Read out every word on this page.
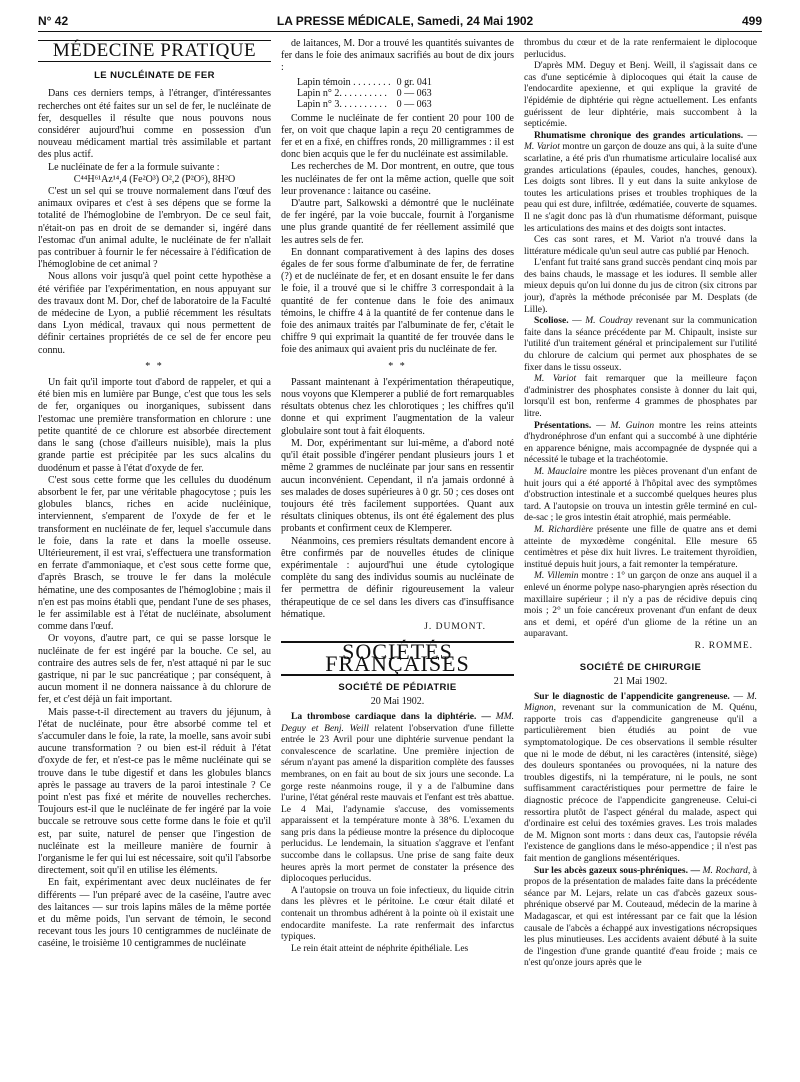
N° 42	LA PRESSE MÉDICALE, Samedi, 24 Mai 1902	499
MÉDECINE PRATIQUE
LE NUCLÉINATE DE FER

Dans ces derniers temps, à l'étranger, d'intéressantes recherches ont été faites sur un sel de fer, le nucléinate de fer, desquelles il résulte que nous pouvons nous considérer aujourd'hui comme en possession d'un nouveau médicament martial très assimilable et partant des plus actif.

Le nucléinate de fer a la formule suivante :

C⁴⁴H⁶¹Az¹⁴,4 (Fe²O³) O²,2 (P²O⁵), 8H²O

C'est un sel qui se trouve normalement dans l'œuf des animaux ovipares et c'est à ses dépens que se forme la totalité de l'hémoglobine de l'embryon. De ce seul fait, n'était-on pas en droit de se demander si, ingéré dans l'estomac d'un animal adulte, le nucléinate de fer n'allait pas contribuer à fournir le fer nécessaire à l'édification de l'hémoglobine de cet animal ?

Nous allons voir jusqu'à quel point cette hypothèse a été vérifiée par l'expérimentation, en nous appuyant sur des travaux dont M. Dor, chef de laboratoire de la Faculté de médecine de Lyon, a publié récemment les résultats dans Lyon médical, travaux qui nous permettent de définir certaines propriétés de ce sel de fer encore peu connu.

* *

Un fait qu'il importe tout d'abord de rappeler, et qui a été bien mis en lumière par Bunge, c'est que tous les sels de fer, organiques ou inorganiques, subissent dans l'estomac une première transformation en chlorure : une petite quantité de ce chlorure est absorbée directement dans le sang (chose d'ailleurs nuisible), mais la plus grande partie est précipitée par les sucs alcalins du duodénum et passe à l'état d'oxyde de fer.

C'est sous cette forme que les cellules du duodénum absorbent le fer, par une véritable phagocytose ; puis les globules blancs, riches en acide nucléinique, interviennent, s'emparent de l'oxyde de fer et le transforment en nucléinate de fer, lequel s'accumule dans le foie, dans la rate et dans la moelle osseuse. Ultérieurement, il est vrai, s'effectuera une transformation en ferrate d'ammoniaque, et c'est sous cette forme que, d'après Brasch, se trouve le fer dans la molécule hématine, une des composantes de l'hémoglobine ; mais il n'en est pas moins établi que, pendant l'une de ses phases, le fer assimilable est à l'état de nucléinate, absolument comme dans l'œuf.

Or voyons, d'autre part, ce qui se passe lorsque le nucléinate de fer est ingéré par la bouche. Ce sel, au contraire des autres sels de fer, n'est attaqué ni par le suc gastrique, ni par le suc pancréatique ; par conséquent, à aucun moment il ne donnera naissance à du chlorure de fer, et c'est déjà un fait important.

Mais passe-t-il directement au travers du jéjunum, à l'état de nucléinate, pour être absorbé comme tel et s'accumuler dans le foie, la rate, la moelle, sans avoir subi aucune transformation ? ou bien est-il réduit à l'état d'oxyde de fer, et n'est-ce pas le même nucléinate qui se trouve dans le tube digestif et dans les globules blancs après le passage au travers de la paroi intestinale ? Ce point n'est pas fixé et mérite de nouvelles recherches. Toujours est-il que le nucléinate de fer ingéré par la voie buccale se retrouve sous cette forme dans le foie et qu'il est, par suite, naturel de penser que l'ingestion de nucléinate est la meilleure manière de fournir à l'organisme le fer qui lui est nécessaire, soit qu'il l'absorbe directement, soit qu'il en utilise les éléments.

En fait, expérimentant avec deux nucléinates de fer différents — l'un préparé avec de la caséine, l'autre avec des laitances — sur trois lapins mâles de la même portée et du même poids, l'un servant de témoin, le second recevant tous les jours 10 centigrammes de nucléinate de caséine, le troisième 10 centigrammes de nucléinate

de laitances, M. Dor a trouvé les quantités suivantes de fer dans le foie des animaux sacrifiés au bout de dix jours :

Lapin témoin . . . . . . . .	0 gr. 041
Lapin n° 2. . . . . . . . . .	0 — 063
Lapin n° 3. . . . . . . . . .	0 — 063

Comme le nucléinate de fer contient 20 pour 100 de fer, on voit que chaque lapin a reçu 20 centigrammes de fer et en a fixé, en chiffres ronds, 20 milligrammes : il est donc bien acquis que le fer du nucléinate est assimilable.

Les recherches de M. Dor montrent, en outre, que tous les nucléinates de fer ont la même action, quelle que soit leur provenance : laitance ou caséine.

D'autre part, Salkowski a démontré que le nucléinate de fer ingéré, par la voie buccale, fournit à l'organisme une plus grande quantité de fer réellement assimilé que les autres sels de fer.

En donnant comparativement à des lapins des doses égales de fer sous forme d'albuminate de fer, de ferratine (?) et de nucléinate de fer, et en dosant ensuite le fer dans le foie, il a trouvé que si le chiffre 3 correspondait à la quantité de fer contenue dans le foie des animaux témoins, le chiffre 4 à la quantité de fer contenue dans le foie des animaux traités par l'albuminate de fer, c'était le chiffre 9 qui exprimait la quantité de fer trouvée dans le foie des animaux qui avaient pris du nucléinate de fer.

* *

Passant maintenant à l'expérimentation thérapeutique, nous voyons que Klemperer a publié de fort remarquables résultats obtenus chez les chlorotiques ; les chiffres qu'il donne et qui expriment l'augmentation de la valeur globulaire sont tout à fait éloquents.

M. Dor, expérimentant sur lui-même, a d'abord noté qu'il était possible d'ingérer pendant plusieurs jours 1 et même 2 grammes de nucléinate par jour sans en ressentir aucun inconvénient. Cependant, il n'a jamais ordonné à ses malades de doses supérieures à 0 gr. 50 ; ces doses ont toujours été très facilement supportées. Quant aux résultats cliniques obtenus, ils ont été également des plus probants et confirment ceux de Klemperer.

Néanmoins, ces premiers résultats demandent encore à être confirmés par de nouvelles études de clinique expérimentale : aujourd'hui une étude cytologique complète du sang des individus soumis au nucléinate de fer permettra de définir rigoureusement la valeur thérapeutique de ce sel dans les divers cas d'insuffisance hématique.

J. DUMONT.
SOCIÉTÉS FRANÇAISES
SOCIÉTÉ DE PÉDIATRIE
20 Mai 1902.

La thrombose cardiaque dans la diphtérie. — MM. Deguy et Benj. Weill relatent l'observation d'une fillette entrée le 23 Avril pour une diphtérie survenue pendant la convalescence de scarlatine. Une première injection de sérum n'ayant pas amené la disparition complète des fausses membranes, on en fait au bout de six jours une seconde. La gorge reste néanmoins rouge, il y a de l'albumine dans l'urine, l'état général reste mauvais et l'enfant est très abattue. Le 4 Mai, l'adynamie s'accuse, des vomissements apparaissent et la température monte à 38°6. L'examen du sang pris dans la pédieuse montre la présence du diplocoque perlucidus. Le lendemain, la situation s'aggrave et l'enfant succombe dans le collapsus. Une prise de sang faite deux heures après la mort permet de constater la présence des diplocoques perlucidus.

A l'autopsie on trouva un foie infectieux, du liquide citrin dans les plèvres et le péritoine. Le cœur était dilaté et contenait un thrombus adhérent à la pointe où il existait une endocardite manifeste. La rate renfermait des infarctus typiques.

Le rein était atteint de néphrite épithéliale. Les

thrombus du cœur et de la rate renfermaient le diplocoque perlucidus.

D'après MM. Deguy et Benj. Weill, il s'agissait dans ce cas d'une septicémie à diplocoques qui était la cause de l'endocardite apexienne, et qui explique la gravité de l'épidémie de diphtérie qui règne actuellement. Les enfants guérissent de leur diphtérie, mais succombent à la septicémie.

Rhumatisme chronique des grandes articulations. — M. Variot montre un garçon de douze ans qui, à la suite d'une scarlatine, a été pris d'un rhumatisme articulaire localisé aux grandes articulations (épaules, coudes, hanches, genoux). Les doigts sont libres. Il y eut dans la suite ankylose de toutes les articulations prises et troubles trophiques de la peau qui est dure, infiltrée, œdématiée, couverte de squames. Il ne s'agit donc pas là d'un rhumatisme déformant, puisque les articulations des mains et des doigts sont intactes.

Ces cas sont rares, et M. Variot n'a trouvé dans la littérature médicale qu'un seul autre cas publié par Henoch.

L'enfant fut traité sans grand succès pendant cinq mois par des bains chauds, le massage et les iodures. Il semble aller mieux depuis qu'on lui donne du jus de citron (six citrons par jour), d'après la méthode préconisée par M. Desplats (de Lille).

Scoliose. — M. Coudray revenant sur la communication faite dans la séance précédente par M. Chipault, insiste sur l'utilité d'un traitement général et principalement sur l'utilité du chlorure de calcium qui permet aux phosphates de se fixer dans le tissu osseux.

M. Variot fait remarquer que la meilleure façon d'administrer des phosphates consiste à donner du lait qui, lorsqu'il est bon, renferme 4 grammes de phosphates par litre.

Présentations. — M. Guinon montre les reins atteints d'hydronéphrose d'un enfant qui a succombé à une diphtérie en apparence bénigne, mais accompagnée de dyspnée qui a nécessité le tubage et la trachéotomie.

M. Mauclaire montre les pièces provenant d'un enfant de huit jours qui a été apporté à l'hôpital avec des symptômes d'obstruction intestinale et a succombé quelques heures plus tard. A l'autopsie on trouva un intestin grêle terminé en cul-de-sac ; le gros intestin était atrophié, mais perméable.

M. Richardière présente une fille de quatre ans et demi atteinte de myxœdème congénital. Elle mesure 65 centimètres et pèse dix huit livres. Le traitement thyroïdien, institué depuis huit jours, a fait remonter la température.

M. Villemin montre : 1° un garçon de onze ans auquel il a enlevé un énorme polype naso-pharyngien après résection du maxillaire supérieur ; il n'y a pas de récidive depuis cinq mois ; 2° un foie cancéreux provenant d'un enfant de deux ans et demi, et opéré d'un gliome de la rétine un an auparavant.

R. ROMME.
SOCIÉTÉ DE CHIRURGIE
21 Mai 1902.

Sur le diagnostic de l'appendicite gangreneuse. — M. Mignon, revenant sur la communication de M. Quénu, rapporte trois cas d'appendicite gangreneuse qu'il a particulièrement bien étudiés au point de vue symptomatologique. De ces observations il semble résulter que ni le mode de début, ni les caractères (intensité, siège) des douleurs spontanées ou provoquées, ni la nature des troubles digestifs, ni la température, ni le pouls, ne sont suffisamment caractéristiques pour permettre de faire le diagnostic précoce de l'appendicite gangreneuse. Celui-ci ressortira plutôt de l'aspect général du malade, aspect qui d'ordinaire est celui des toxémies graves. Les trois malades de M. Mignon sont morts : dans deux cas, l'autopsie révéla l'existence de ganglions dans le méso-appendice ; il n'est pas fait mention de ganglions mésentériques.

Sur les abcès gazeux sous-phréniques. — M. Rochard, à propos de la présentation de malades faite dans la précédente séance par M. Lejars, relate un cas d'abcès gazeux sous-phrénique observé par M. Couteaud, médecin de la marine à Madagascar, et qui est intéressant par ce fait que la lésion causale de l'abcès a échappé aux investigations nécropsiques les plus minutieuses. Les accidents avaient débuté à la suite de l'ingestion d'une grande quantité d'eau froide ; mais ce n'est qu'onze jours après que le
